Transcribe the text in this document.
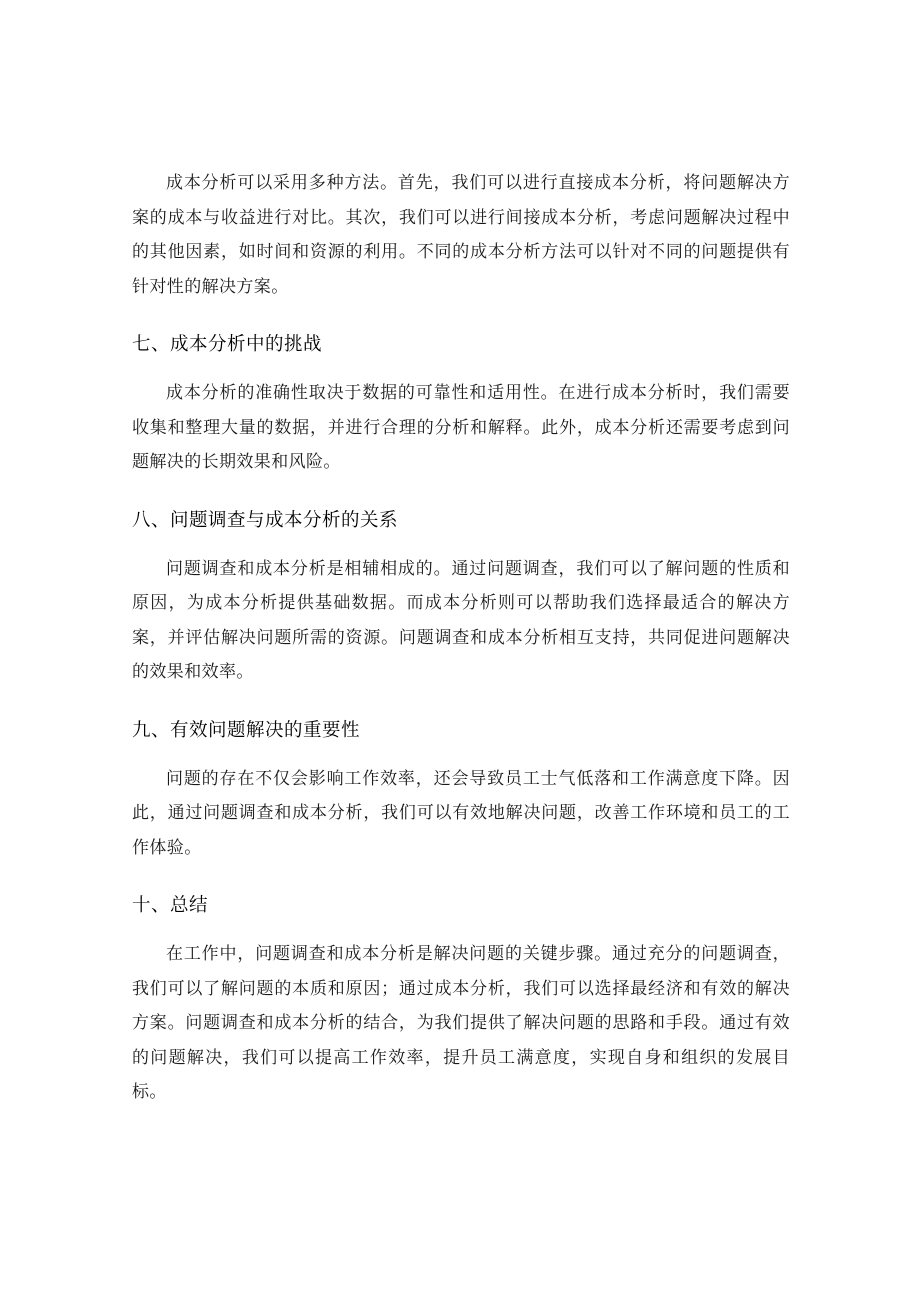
成本分析可以采用多种方法。首先，我们可以进行直接成本分析，将问题解决方案的成本与收益进行对比。其次，我们可以进行间接成本分析，考虑问题解决过程中的其他因素，如时间和资源的利用。不同的成本分析方法可以针对不同的问题提供有针对性的解决方案。

七、成本分析中的挑战

成本分析的准确性取决于数据的可靠性和适用性。在进行成本分析时，我们需要收集和整理大量的数据，并进行合理的分析和解释。此外，成本分析还需要考虑到问题解决的长期效果和风险。

八、问题调查与成本分析的关系

问题调查和成本分析是相辅相成的。通过问题调查，我们可以了解问题的性质和原因，为成本分析提供基础数据。而成本分析则可以帮助我们选择最适合的解决方案，并评估解决问题所需的资源。问题调查和成本分析相互支持，共同促进问题解决的效果和效率。

九、有效问题解决的重要性

问题的存在不仅会影响工作效率，还会导致员工士气低落和工作满意度下降。因此，通过问题调查和成本分析，我们可以有效地解决问题，改善工作环境和员工的工作体验。

十、总结

在工作中，问题调查和成本分析是解决问题的关键步骤。通过充分的问题调查，我们可以了解问题的本质和原因；通过成本分析，我们可以选择最经济和有效的解决方案。问题调查和成本分析的结合，为我们提供了解决问题的思路和手段。通过有效的问题解决，我们可以提高工作效率，提升员工满意度，实现自身和组织的发展目标。
